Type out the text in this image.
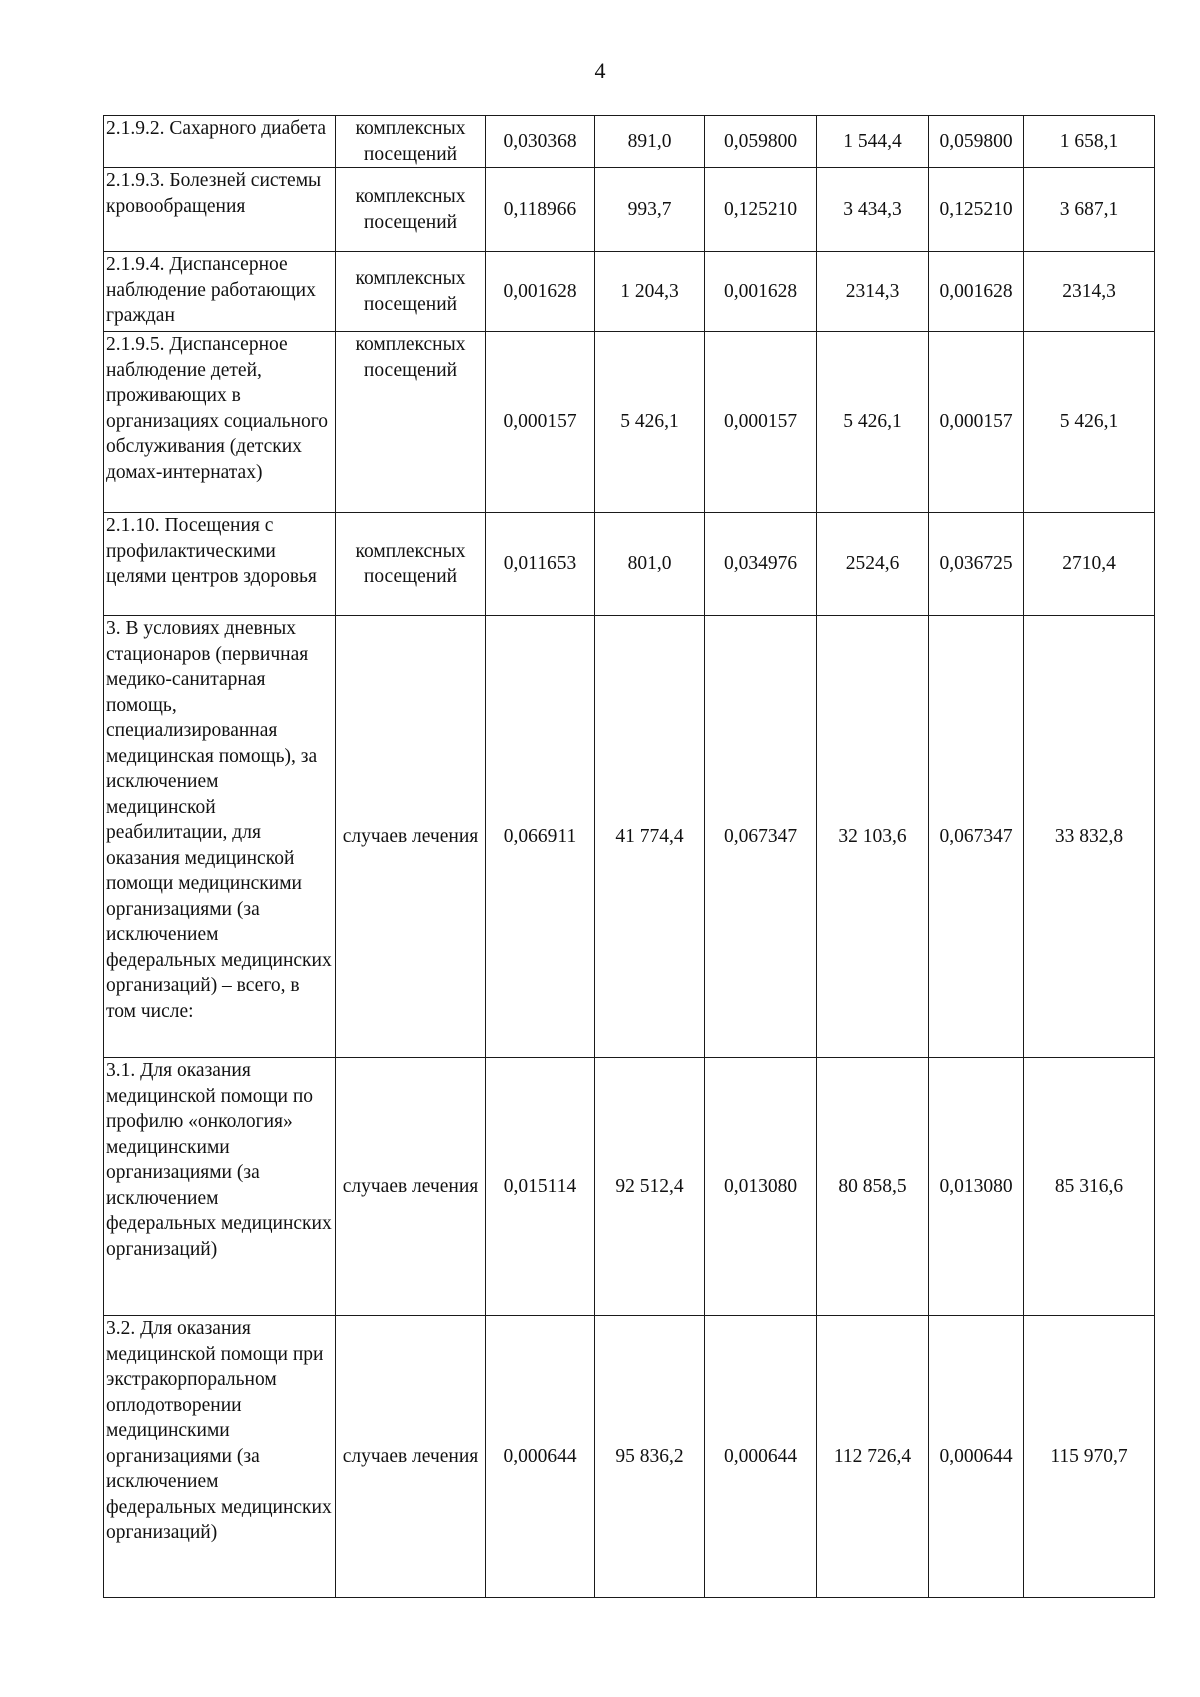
4
2.1.9.2. Сахарного диабета	комплексных посещений	0,030368	891,0	0,059800	1 544,4	0,059800	1 658,1
2.1.9.3. Болезней системы кровообращения	комплексных посещений	0,118966	993,7	0,125210	3 434,3	0,125210	3 687,1
2.1.9.4. Диспансерное наблюдение работающих граждан	комплексных посещений	0,001628	1 204,3	0,001628	2314,3	0,001628	2314,3
2.1.9.5. Диспансерное наблюдение детей, проживающих в организациях социального обслуживания (детских домах-интернатах)	комплексных посещений	0,000157	5 426,1	0,000157	5 426,1	0,000157	5 426,1
2.1.10. Посещения с профилактическими целями центров здоровья	комплексных посещений	0,011653	801,0	0,034976	2524,6	0,036725	2710,4
3. В условиях дневных стационаров (первичная медико-санитарная помощь, специализированная медицинская помощь), за исключением медицинской реабилитации, для оказания медицинской помощи медицинскими организациями (за исключением федеральных медицинских организаций) – всего, в том числе:	случаев лечения	0,066911	41 774,4	0,067347	32 103,6	0,067347	33 832,8
3.1. Для оказания медицинской помощи по профилю «онкология» медицинскими организациями (за исключением федеральных медицинских организаций)	случаев лечения	0,015114	92 512,4	0,013080	80 858,5	0,013080	85 316,6
3.2. Для оказания медицинской помощи при экстракорпоральном оплодотворении медицинскими организациями (за исключением федеральных медицинских организаций)	случаев лечения	0,000644	95 836,2	0,000644	112 726,4	0,000644	115 970,7
